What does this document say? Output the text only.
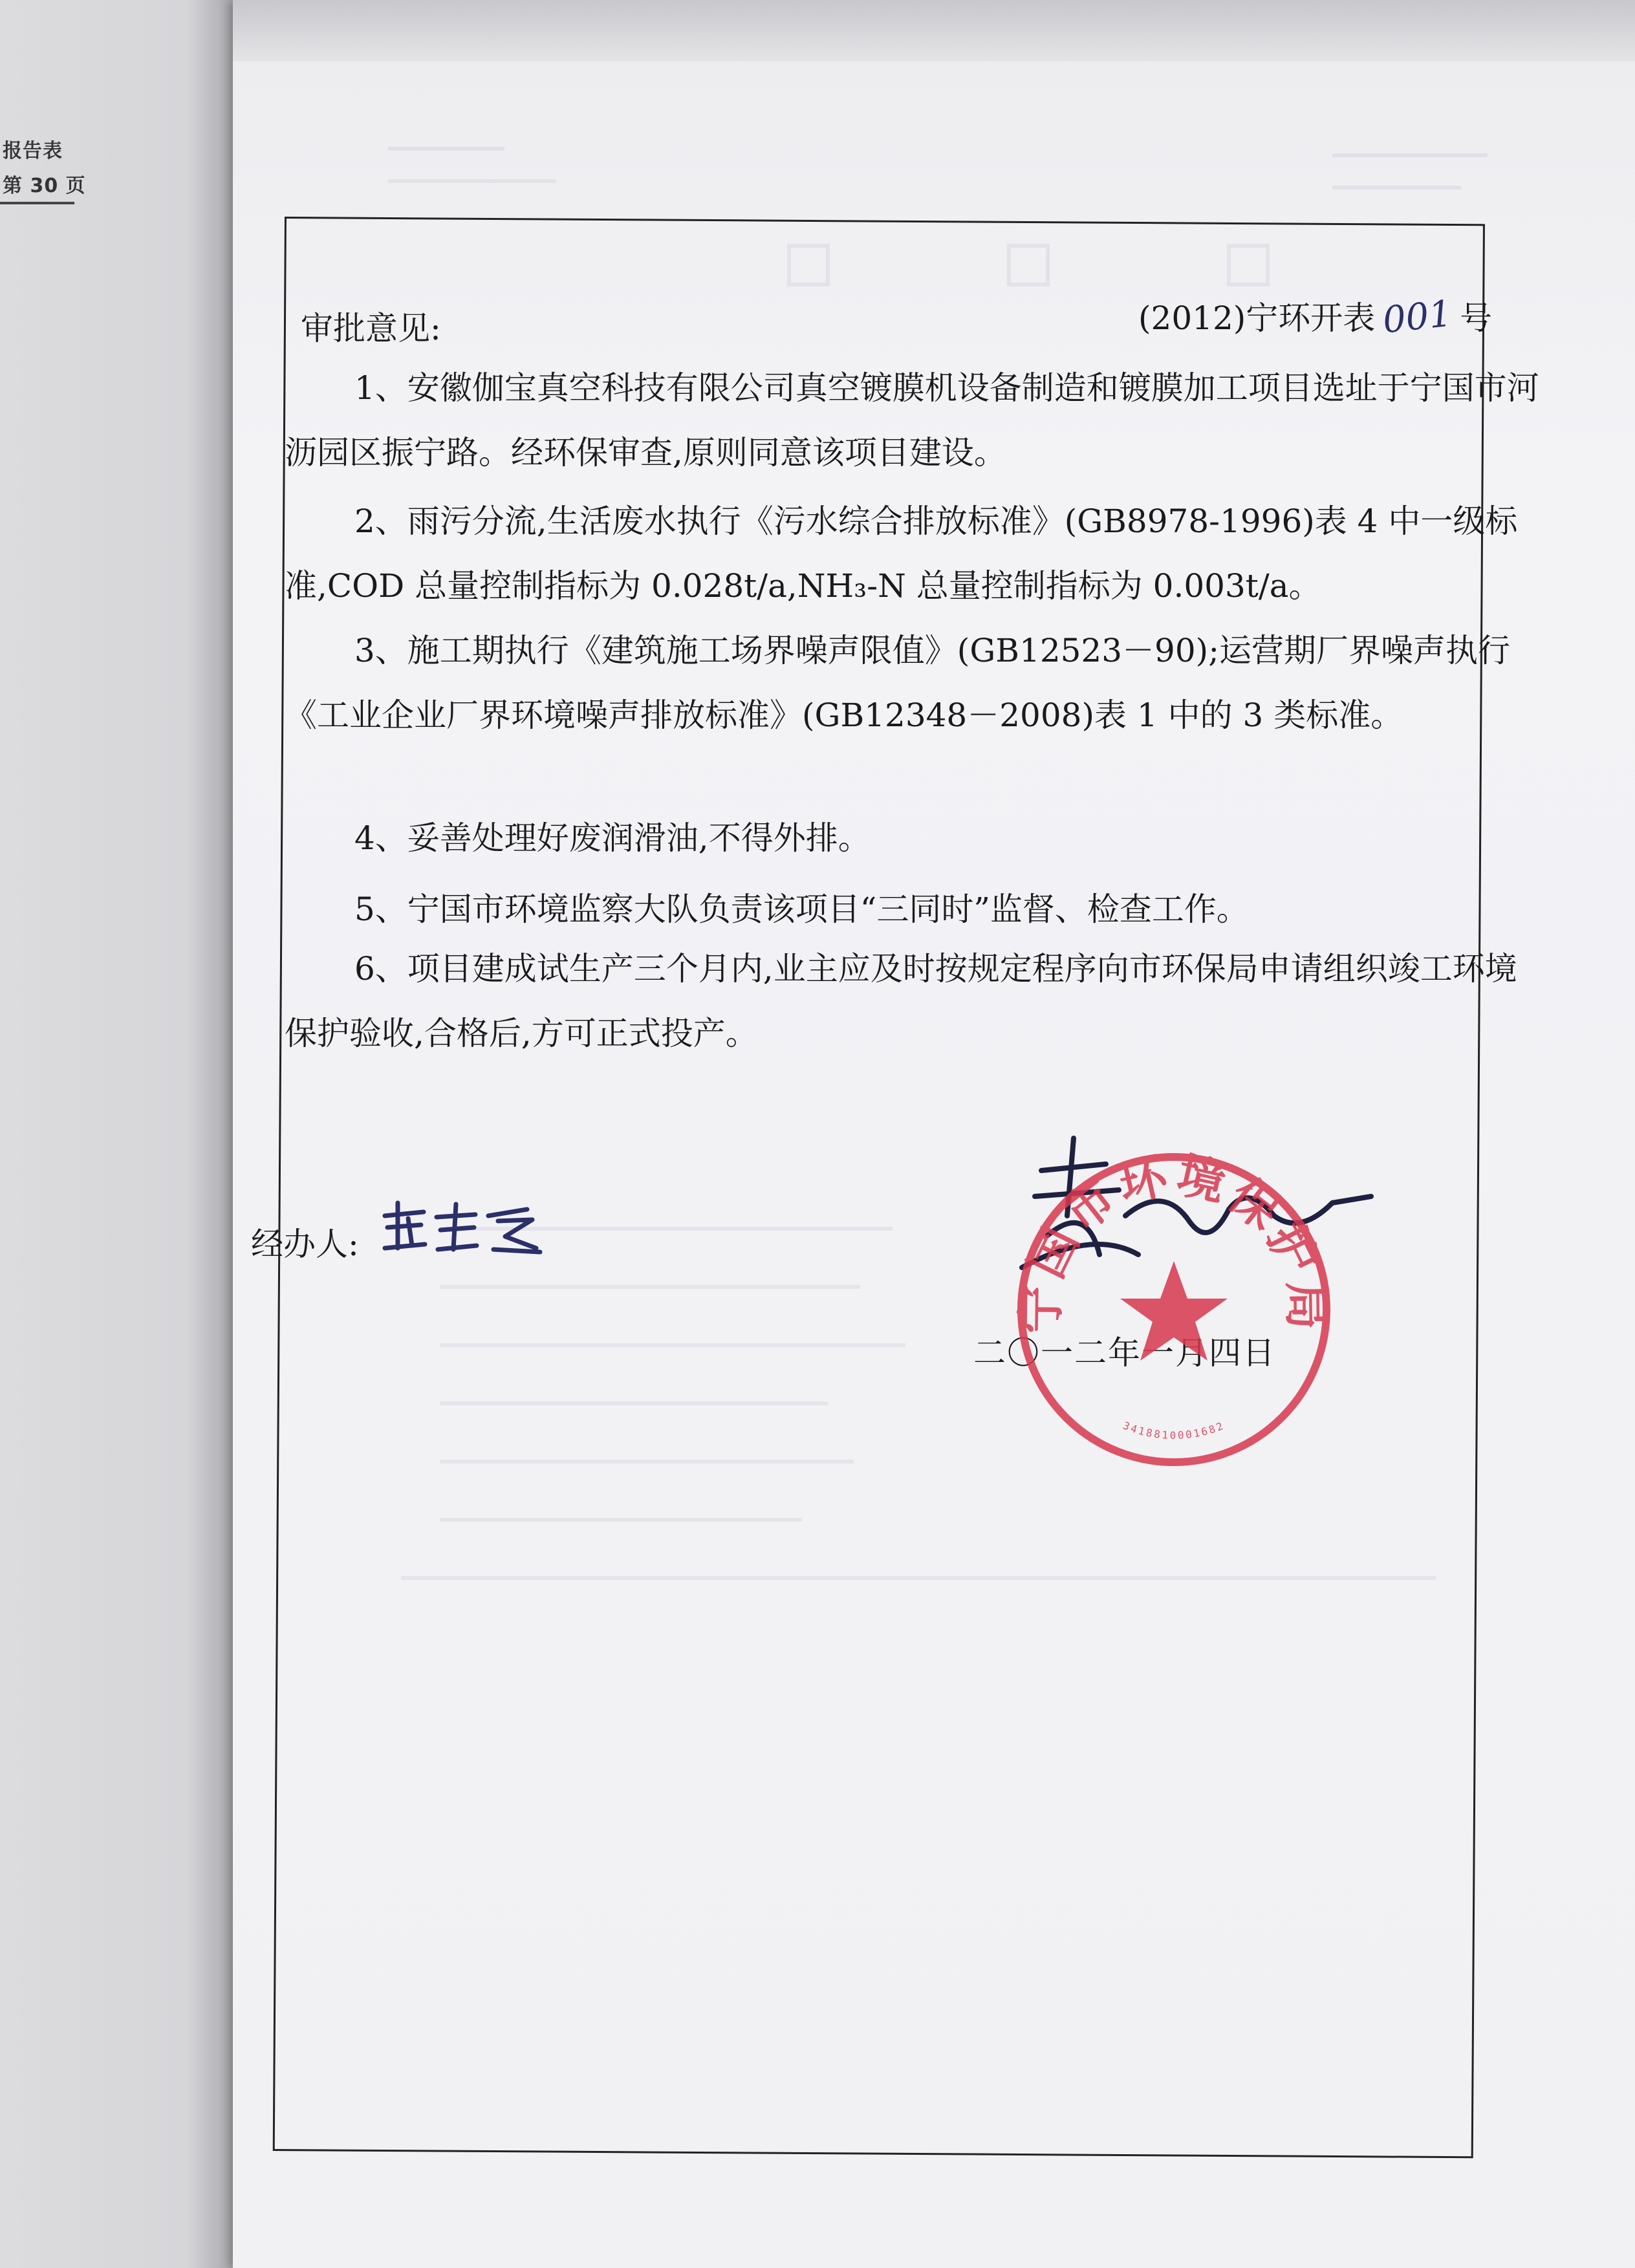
报告表
第 30 页
(2012)宁环开表 001 号
审批意见:
1、安徽伽宝真空科技有限公司真空镀膜机设备制造和镀膜加工项目选址于宁国市河沥园区振宁路。经环保审查,原则同意该项目建设。
2、雨污分流,生活废水执行《污水综合排放标准》(GB8978-1996)表 4 中一级标准,COD 总量控制指标为 0.028t/a,NH₃-N 总量控制指标为 0.003t/a。
3、施工期执行《建筑施工场界噪声限值》(GB12523－90);运营期厂界噪声执行《工业企业厂界环境噪声排放标准》(GB12348－2008)表 1 中的 3 类标准。
4、妥善处理好废润滑油,不得外排。
5、宁国市环境监察大队负责该项目“三同时”监督、检查工作。
6、项目建成试生产三个月内,业主应及时按规定程序向市环保局申请组织竣工环境保护验收,合格后,方可正式投产。
经办人:
二〇一二年一月四日
宁国市环境保护局
3418810001682
